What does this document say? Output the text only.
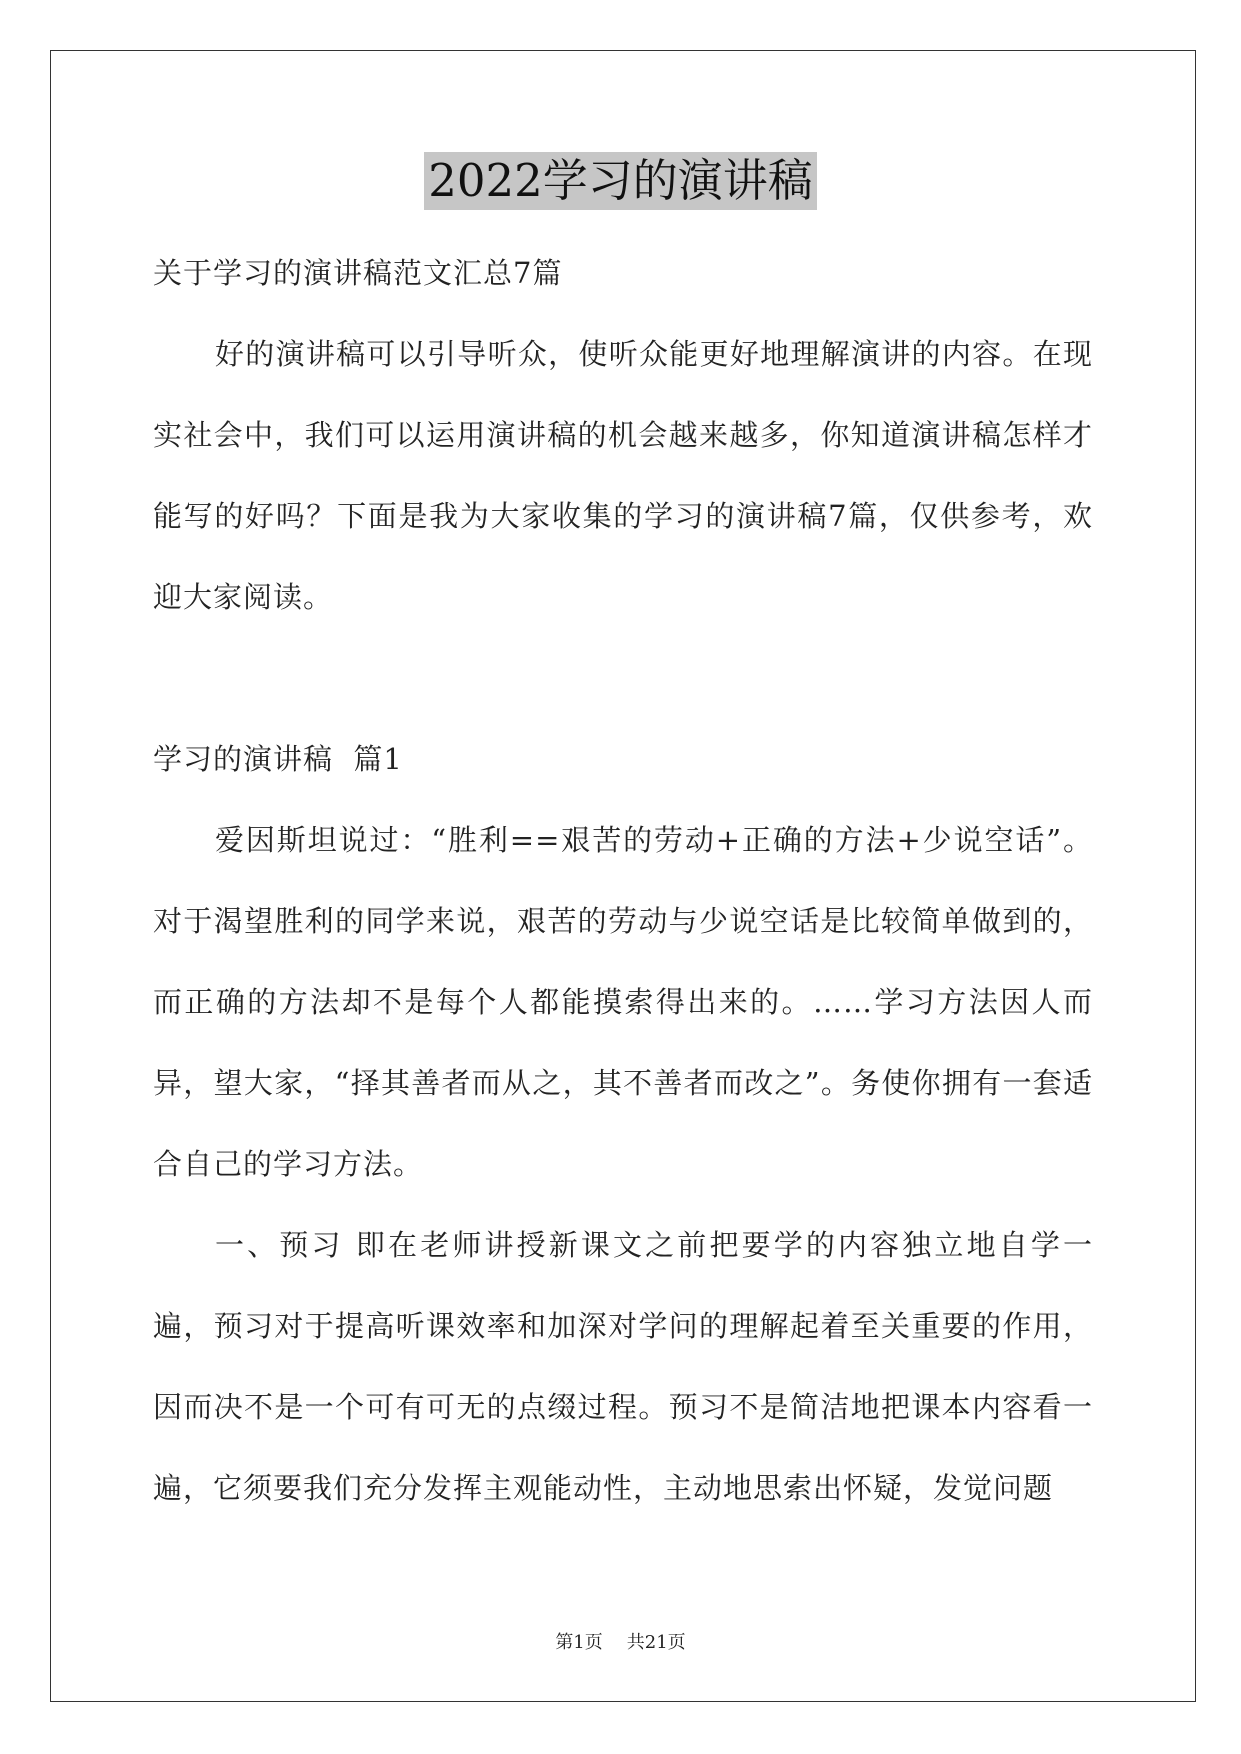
2022学习的演讲稿

关于学习的演讲稿范文汇总7篇

好的演讲稿可以引导听众，使听众能更好地理解演讲的内容。在现实社会中，我们可以运用演讲稿的机会越来越多，你知道演讲稿怎样才能写的好吗？下面是我为大家收集的学习的演讲稿7篇，仅供参考，欢迎大家阅读。

学习的演讲稿  篇1

爱因斯坦说过：“胜利==艰苦的劳动+正确的方法+少说空话”。对于渴望胜利的同学来说，艰苦的劳动与少说空话是比较简单做到的，而正确的方法却不是每个人都能摸索得出来的。……学习方法因人而异，望大家，“择其善者而从之，其不善者而改之”。务使你拥有一套适合自己的学习方法。

一、预习 即在老师讲授新课文之前把要学的内容独立地自学一遍，预习对于提高听课效率和加深对学问的理解起着至关重要的作用，因而决不是一个可有可无的点缀过程。预习不是简洁地把课本内容看一遍，它须要我们充分发挥主观能动性，主动地思索出怀疑，发觉问题

第1页 共21页
